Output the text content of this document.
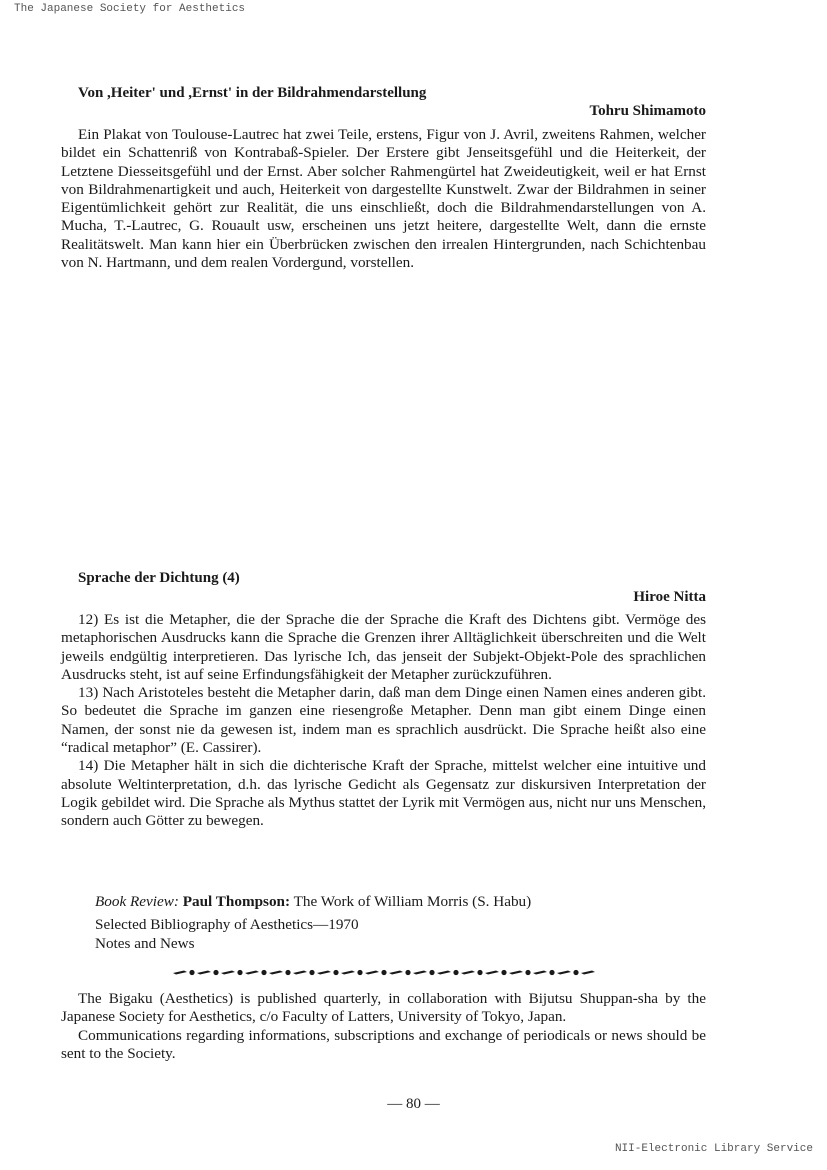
The Japanese Society for Aesthetics
Von ,Heiter' und ,Ernst' in der Bildrahmendarstellung
Tohru Shimamoto

Ein Plakat von Toulouse-Lautrec hat zwei Teile, erstens, Figur von J. Avril, zweitens Rahmen, welcher bildet ein Schattenriß von Kontrabaß-Spieler. Der Erstere gibt Jenseitsgefühl und die Heiterkeit, der Letztene Diesseitsgefühl und der Ernst. Aber solcher Rahmengürtel hat Zweideutigkeit, weil er hat Ernst von Bildrahmenartigkeit und auch, Heiterkeit von dargestellte Kunstwelt. Zwar der Bildrahmen in seiner Eigentümlichkeit gehört zur Realität, die uns einschließt, doch die Bildrahmendarstellungen von A. Mucha, T.-Lautrec, G. Rouault usw, erscheinen uns jetzt heitere, dargestellte Welt, dann die ernste Realitätswelt. Man kann hier ein Überbrücken zwischen den irrealen Hintergrunden, nach Schichtenbau von N. Hartmann, und dem realen Vordergund, vorstellen.

Sprache der Dichtung (4)
Hiroe Nitta

12) Es ist die Metapher, die der Sprache die der Sprache die Kraft des Dichtens gibt. Vermöge des metaphorischen Ausdrucks kann die Sprache die Grenzen ihrer Alltäglichkeit überschreiten und die Welt jeweils endgültig interpretieren. Das lyrische Ich, das jenseit der Subjekt-Objekt-Pole des sprachlichen Ausdrucks steht, ist auf seine Erfindungsfähigkeit der Metapher zurückzuführen.

13) Nach Aristoteles besteht die Metapher darin, daß man dem Dinge einen Namen eines anderen gibt. So bedeutet die Sprache im ganzen eine riesengroße Metapher. Denn man gibt einem Dinge einen Namen, der sonst nie da gewesen ist, indem man es sprachlich ausdrückt. Die Sprache heißt also eine “radical metaphor” (E. Cassirer).

14) Die Metapher hält in sich die dichterische Kraft der Sprache, mittelst welcher eine intuitive und absolute Weltinterpretation, d.h. das lyrische Gedicht als Gegensatz zur diskursiven Interpretation der Logik gebildet wird. Die Sprache als Mythus stattet der Lyrik mit Vermögen aus, nicht nur uns Menschen, sondern auch Götter zu bewegen.

Book Review: Paul Thompson: The Work of William Morris (S. Habu)
Selected Bibliography of Aesthetics—1970
Notes and News

The Bigaku (Aesthetics) is published quarterly, in collaboration with Bijutsu Shuppan-sha by the Japanese Society for Aesthetics, c/o Faculty of Latters, University of Tokyo, Japan.

Communications regarding informations, subscriptions and exchange of periodicals or news should be sent to the Society.

— 80 —
NII-Electronic Library Service
